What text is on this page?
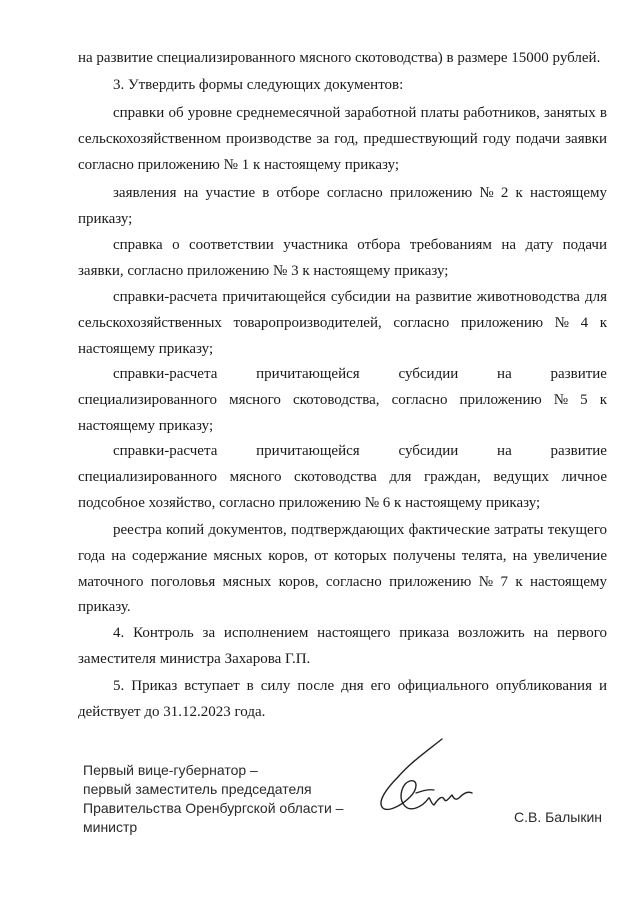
на развитие специализированного мясного скотоводства) в размере 15000 рублей.
3. Утвердить формы следующих документов:
справки об уровне среднемесячной заработной платы работников, занятых в
сельскохозяйственном производстве за год, предшествующий году подачи заявки
согласно приложению № 1 к настоящему приказу;
заявления на участие в отборе согласно приложению № 2 к настоящему
приказу;
справка о соответствии участника отбора требованиям на дату подачи
заявки, согласно приложению № 3 к настоящему приказу;
справки-расчета причитающейся субсидии на развитие животноводства для
сельскохозяйственных товаропроизводителей, согласно приложению № 4 к
настоящему приказу;
справки-расчета	причитающейся	субсидии	на	развитие
специализированного мясного скотоводства, согласно приложению № 5 к
настоящему приказу;
справки-расчета	причитающейся	субсидии	на	развитие
специализированного мясного скотоводства для граждан, ведущих личное
подсобное хозяйство, согласно приложению № 6 к настоящему приказу;
реестра копий документов, подтверждающих фактические затраты текущего
года на содержание мясных коров, от которых получены телята, на увеличение
маточного поголовья мясных коров, согласно приложению № 7 к настоящему
приказу.
4. Контроль за исполнением настоящего приказа возложить на первого
заместителя министра Захарова Г.П.
5. Приказ вступает в силу после дня его официального опубликования и
действует до 31.12.2023 года.
Первый вице-губернатор –
первый заместитель председателя
Правительства Оренбургской области –
министр
С.В. Балыкин
